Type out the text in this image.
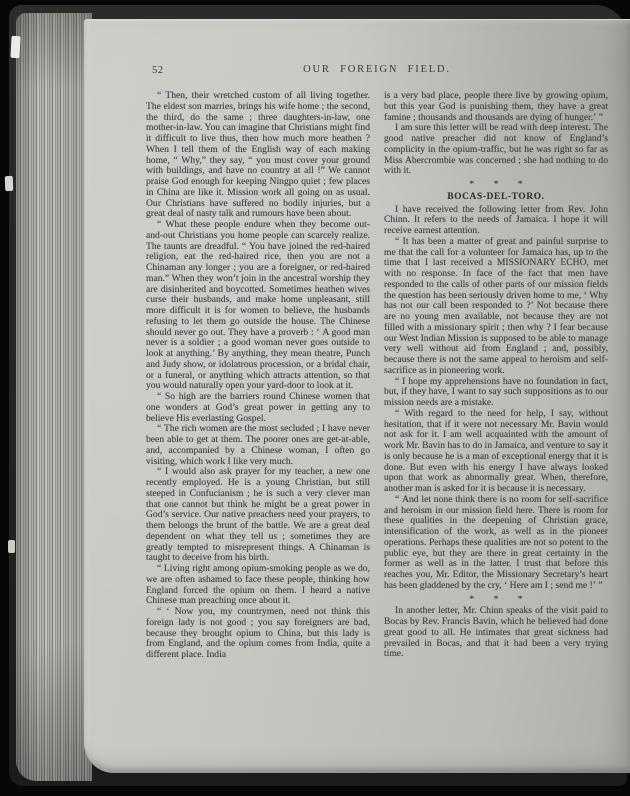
52	OUR FOREIGN FIELD.

“ Then, their wretched custom of all living together. The eldest son marries, brings his wife home ; the second, the third, do the same ; three daughters-in-law, one mother-in-law. You can imagine that Christians might find it difficult to live thus, then how much more heathen ? When I tell them of the English way of each making home, “ Why,” they say, “ you must cover your ground with buildings, and have no country at all !” We cannot praise God enough for keeping Ningpo quiet ; few places in China are like it. Mission work all going on as usual. Our Christians have suffered no bodily injuries, but a great deal of nasty talk and rumours have been about.

“ What these people endure when they become out-and-out Christians you home people can scarcely realize. The taunts are dreadful. “ You have joined the red-haired religion, eat the red-haired rice, then you are not a Chinaman any longer ; you are a foreigner, or red-haired man.” When they won’t join in the ancestral worship they are disinherited and boycotted. Sometimes heathen wives curse their husbands, and make home unpleasant, still more difficult it is for women to believe, the husbands refusing to let them go outside the house. The Chinese should never go out. They have a proverb : ‘ A good man never is a soldier ; a good woman never goes outside to look at anything.’ By anything, they mean theatre, Punch and Judy show, or idolatrous procession, or a bridal chair, or a funeral, or anything which attracts attention, so that you would naturally open your yard-door to look at it.

“ So high are the barriers round Chinese women that one wonders at God’s great power in getting any to believe His everlasting Gospel.

“ The rich women are the most secluded ; I have never been able to get at them. The poorer ones are get-at-able, and, accompanied by a Chinese woman, I often go visiting, which work I like very much.

“ I would also ask prayer for my teacher, a new one recently employed. He is a young Christian, but still steeped in Confucianism ; he is such a very clever man that one cannot but think he might be a great power in God’s service. Our native preachers need your prayers, to them belongs the brunt of the battle. We are a great deal dependent on what they tell us ; sometimes they are greatly tempted to misrepresent things. A Chinaman is taught to deceive from his birth.

“ Living right among opium-smoking people as we do, we are often ashamed to face these people, thinking how England forced the opium on them. I heard a native Chinese man preaching once about it.

“ ‘ Now you, my countrymen, need not think this foreign lady is not good ; you say foreigners are bad, because they brought opium to China, but this lady is from England, and the opium comes from India, quite a different place. India

is a very bad place, people there live by growing opium, but this year God is punishing them, they have a great famine ; thousands and thousands are dying of hunger.’ ”

I am sure this letter will be read with deep interest. The good native preacher did not know of England’s complicity in the opium-traffic, but he was right so far as Miss Abercrombie was concerned ; she had nothing to do with it.

* * *

BOCAS-DEL-TORO.

I have received the following letter from Rev. John Chinn. It refers to the needs of Jamaica. I hope it will receive earnest attention.

“ It has been a matter of great and painful surprise to me that the call for a volunteer for Jamaica has, up to the time that I last received a MISSIONARY ECHO, met with no response. In face of the fact that men have responded to the calls of other parts of our mission fields the question has been seriously driven home to me, ‘ Why has not our call been responded to ?’ Not because there are no young men available, not because they are not filled with a missionary spirit ; then why ? I fear because our West Indian Mission is supposed to be able to manage very well without aid from England ; and, possibly, because there is not the same appeal to heroism and self-sacrifice as in pioneering work.

“ I hope my apprehensions have no foundation in fact, but, if they have, I want to say such suppositions as to our mission needs are a mistake.

“ With regard to the need for help, I say, without hesitation, that if it were not necessary Mr. Bavin would not ask for it. I am well acquainted with the amount of work Mr. Bavin has to do in Jamaica, and venture to say it is only because he is a man of exceptional energy that it is done. But even with his energy I have always looked upon that work as abnormally great. When, therefore, another man is asked for it is because it is necessary.

“ And let none think there is no room for self-sacrifice and heroism in our mission field here. There is room for these qualities in the deepening of Christian grace, intensification of the work, as well as in the pioneer operations. Perhaps these qualities are not so potent to the public eye, but they are there in great certainty in the former as well as in the latter. I trust that before this reaches you, Mr. Editor, the Missionary Secretary’s heart has been gladdened by the cry, ‘ Here am I ; send me !’ ”

* * *

In another letter, Mr. Chinn speaks of the visit paid to Bocas by Rev. Francis Bavin, which he believed had done great good to all. He intimates that great sickness had prevailed in Bocas, and that it had been a very trying time.
